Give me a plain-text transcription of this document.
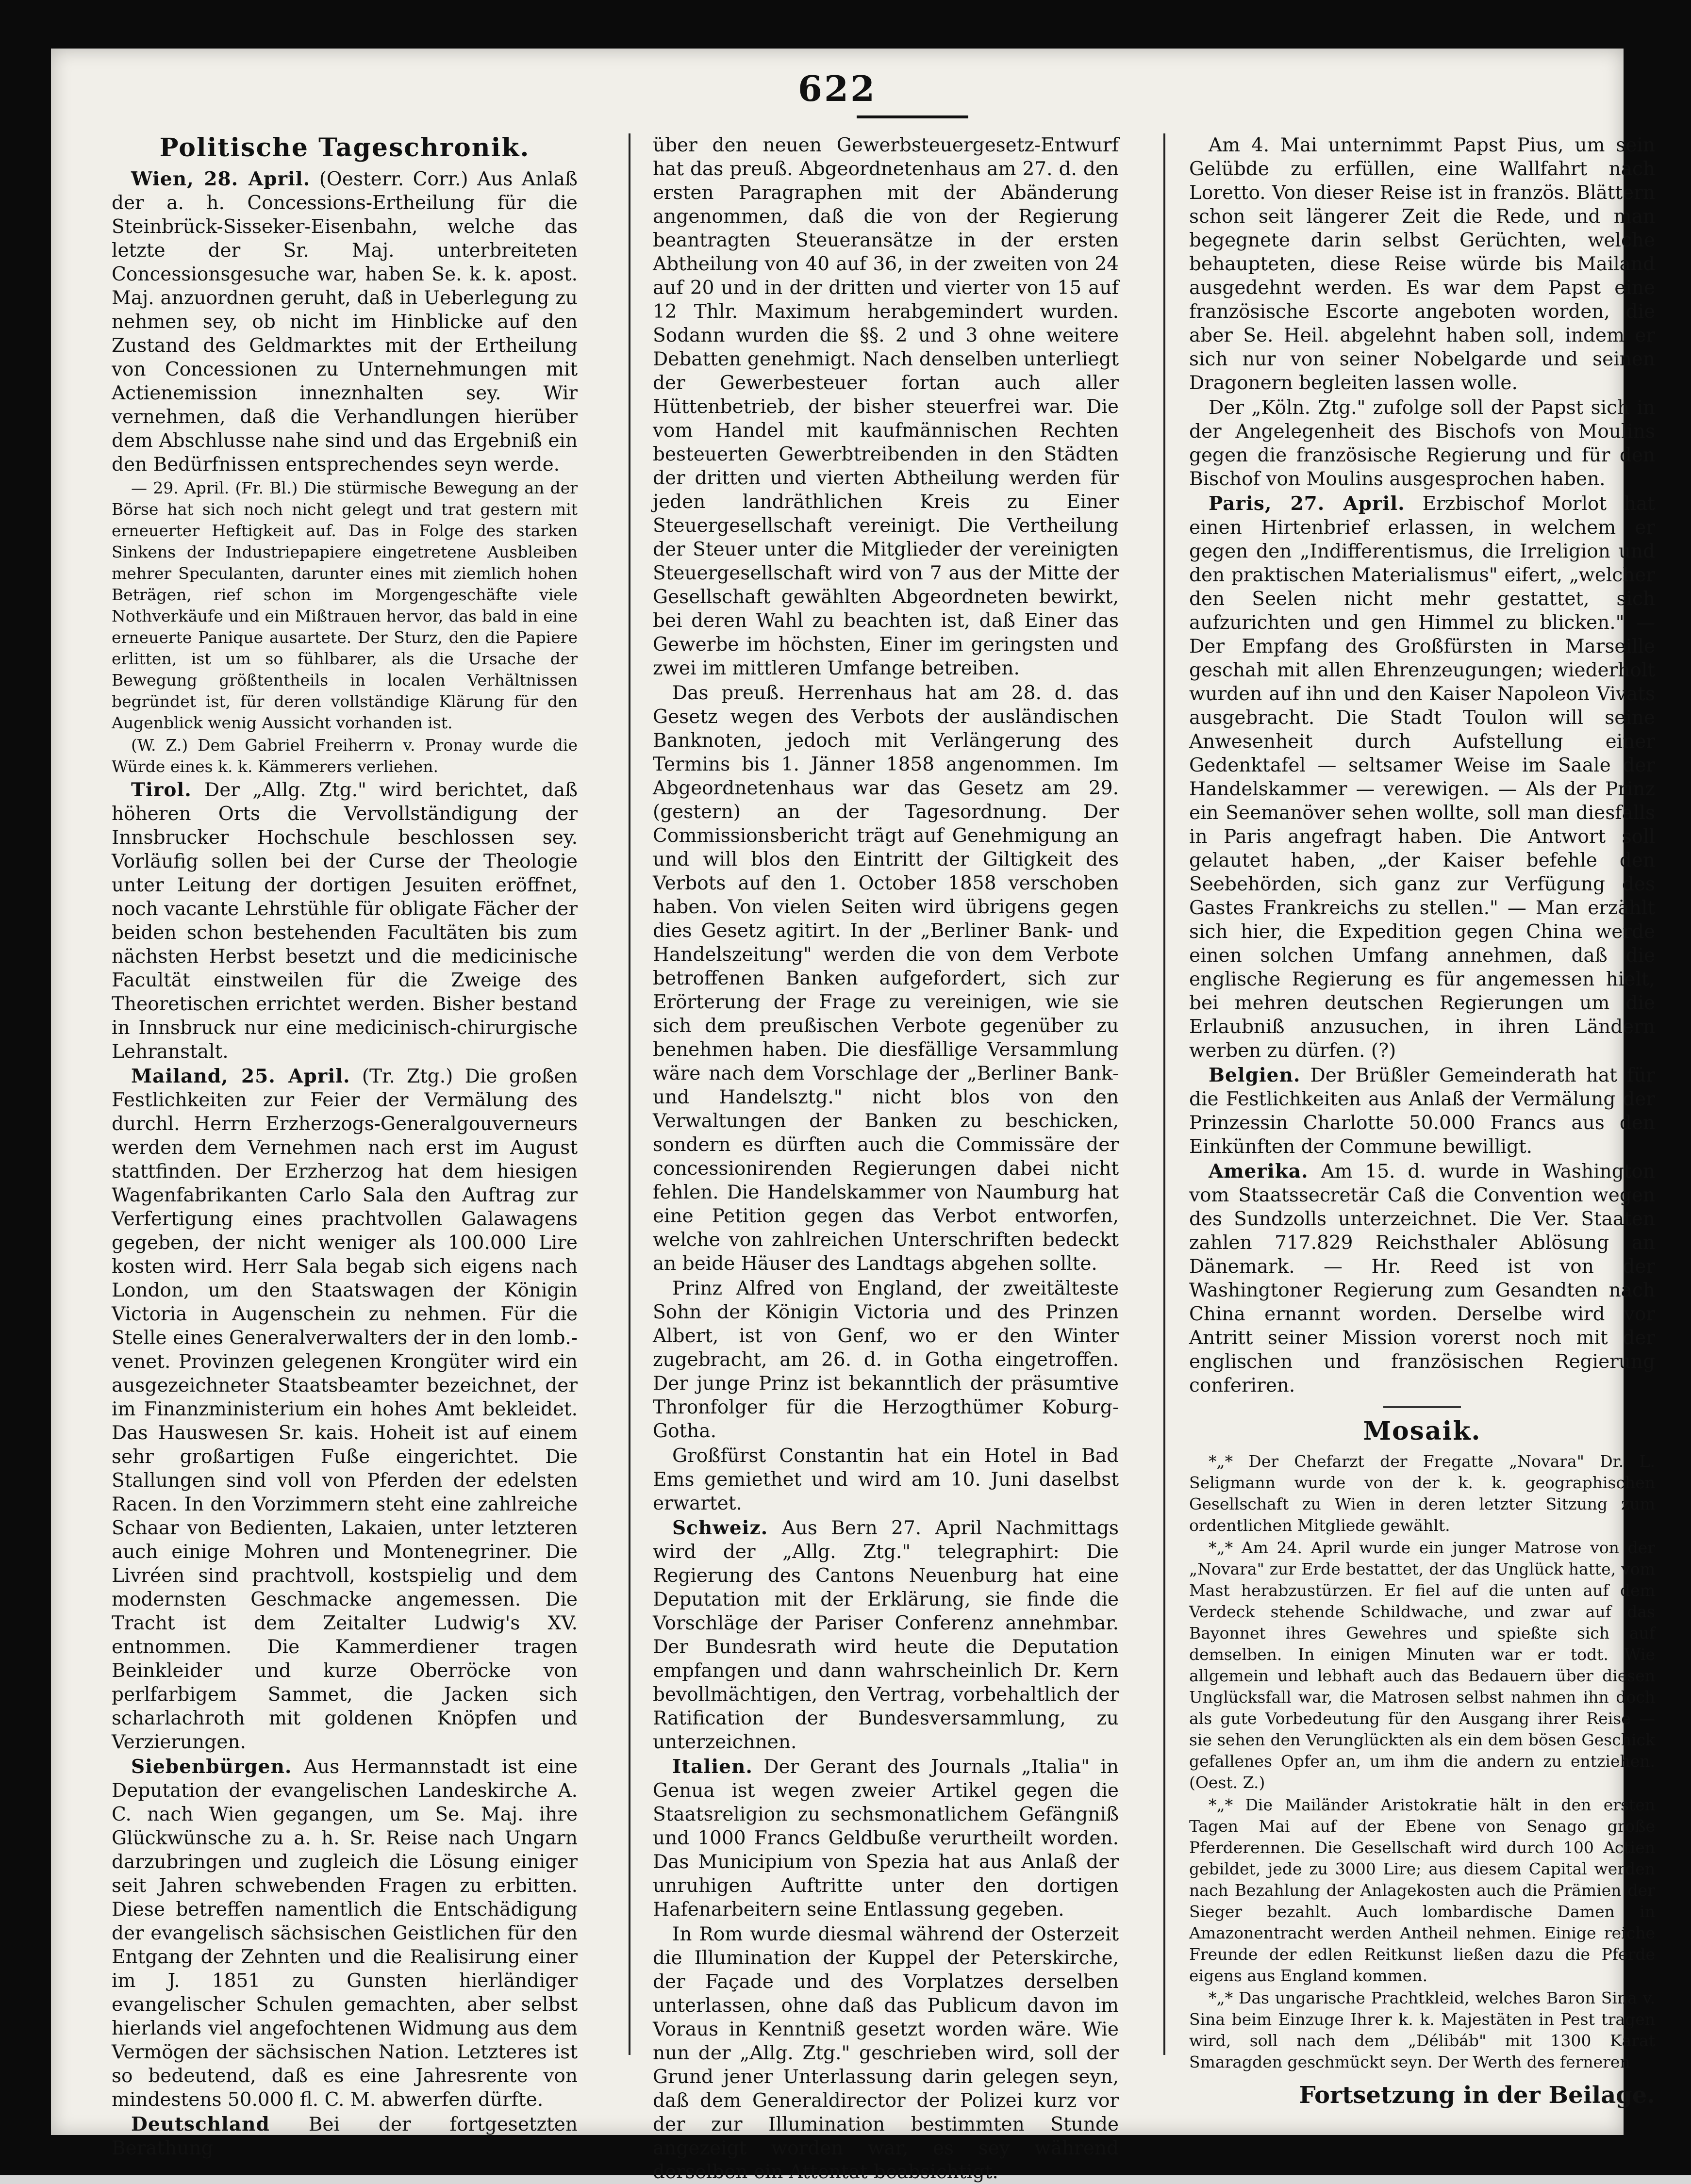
622
Politische Tageschronik.

Wien, 28. April. (Oesterr. Corr.) Aus Anlaß der a. h. Concessions-Ertheilung für die Steinbrück-Sisseker-Eisenbahn, welche das letzte der Sr. Maj. unterbreiteten Concessionsgesuche war, haben Se. k. k. apost. Maj. anzuordnen geruht, daß in Ueberlegung zu nehmen sey, ob nicht im Hinblicke auf den Zustand des Geldmarktes mit der Ertheilung von Concessionen zu Unternehmungen mit Actienemission inneznhalten sey. Wir vernehmen, daß die Verhandlungen hierüber dem Abschlusse nahe sind und das Ergebniß ein den Bedürfnissen entsprechendes seyn werde.

— 29. April. (Fr. Bl.) Die stürmische Bewegung an der Börse hat sich noch nicht gelegt und trat gestern mit erneuerter Heftigkeit auf. Das in Folge des starken Sinkens der Industriepapiere eingetretene Ausbleiben mehrer Speculanten, darunter eines mit ziemlich hohen Beträgen, rief schon im Morgengeschäfte viele Nothverkäufe und ein Mißtrauen hervor, das bald in eine erneuerte Panique ausartete. Der Sturz, den die Papiere erlitten, ist um so fühlbarer, als die Ursache der Bewegung größtentheils in localen Verhältnissen begründet ist, für deren vollständige Klärung für den Augenblick wenig Aussicht vorhanden ist.

(W. Z.) Dem Gabriel Freiherrn v. Pronay wurde die Würde eines k. k. Kämmerers verliehen.

Tirol. Der „Allg. Ztg." wird berichtet, daß höheren Orts die Vervollständigung der Innsbrucker Hochschule beschlossen sey. Vorläufig sollen bei der Curse der Theologie unter Leitung der dortigen Jesuiten eröffnet, noch vacante Lehrstühle für obligate Fächer der beiden schon bestehenden Facultäten bis zum nächsten Herbst besetzt und die medicinische Facultät einstweilen für die Zweige des Theoretischen errichtet werden. Bisher bestand in Innsbruck nur eine medicinisch-chirurgische Lehranstalt.

Mailand, 25. April. (Tr. Ztg.) Die großen Festlichkeiten zur Feier der Vermälung des durchl. Herrn Erzherzogs-Generalgouverneurs werden dem Vernehmen nach erst im August stattfinden. Der Erzherzog hat dem hiesigen Wagenfabrikanten Carlo Sala den Auftrag zur Verfertigung eines prachtvollen Galawagens gegeben, der nicht weniger als 100.000 Lire kosten wird. Herr Sala begab sich eigens nach London, um den Staatswagen der Königin Victoria in Augenschein zu nehmen. Für die Stelle eines Generalverwalters der in den lomb.-venet. Provinzen gelegenen Krongüter wird ein ausgezeichneter Staatsbeamter bezeichnet, der im Finanzministerium ein hohes Amt bekleidet. Das Hauswesen Sr. kais. Hoheit ist auf einem sehr großartigen Fuße eingerichtet. Die Stallungen sind voll von Pferden der edelsten Racen. In den Vorzimmern steht eine zahlreiche Schaar von Bedienten, Lakaien, unter letzteren auch einige Mohren und Montenegriner. Die Livréen sind prachtvoll, kostspielig und dem modernsten Geschmacke angemessen. Die Tracht ist dem Zeitalter Ludwig's XV. entnommen. Die Kammerdiener tragen Beinkleider und kurze Oberröcke von perlfarbigem Sammet, die Jacken sich scharlachroth mit goldenen Knöpfen und Verzierungen.

Siebenbürgen. Aus Hermannstadt ist eine Deputation der evangelischen Landeskirche A. C. nach Wien gegangen, um Se. Maj. ihre Glückwünsche zu a. h. Sr. Reise nach Ungarn darzubringen und zugleich die Lösung einiger seit Jahren schwebenden Fragen zu erbitten. Diese betreffen namentlich die Entschädigung der evangelisch sächsischen Geistlichen für den Entgang der Zehnten und die Realisirung einer im J. 1851 zu Gunsten hierländiger evangelischer Schulen gemachten, aber selbst hierlands viel angefochtenen Widmung aus dem Vermögen der sächsischen Nation. Letzteres ist so bedeutend, daß es eine Jahresrente von mindestens 50.000 fl. C. M. abwerfen dürfte.

Deutschland Bei der fortgesetzten Berathung

über den neuen Gewerbsteuergesetz-Entwurf hat das preuß. Abgeordnetenhaus am 27. d. den ersten Paragraphen mit der Abänderung angenommen, daß die von der Regierung beantragten Steueransätze in der ersten Abtheilung von 40 auf 36, in der zweiten von 24 auf 20 und in der dritten und vierter von 15 auf 12 Thlr. Maximum herabgemindert wurden. Sodann wurden die §§. 2 und 3 ohne weitere Debatten genehmigt. Nach denselben unterliegt der Gewerbesteuer fortan auch aller Hüttenbetrieb, der bisher steuerfrei war. Die vom Handel mit kaufmännischen Rechten besteuerten Gewerbtreibenden in den Städten der dritten und vierten Abtheilung werden für jeden landräthlichen Kreis zu Einer Steuergesellschaft vereinigt. Die Vertheilung der Steuer unter die Mitglieder der vereinigten Steuergesellschaft wird von 7 aus der Mitte der Gesellschaft gewählten Abgeordneten bewirkt, bei deren Wahl zu beachten ist, daß Einer das Gewerbe im höchsten, Einer im geringsten und zwei im mittleren Umfange betreiben.

Das preuß. Herrenhaus hat am 28. d. das Gesetz wegen des Verbots der ausländischen Banknoten, jedoch mit Verlängerung des Termins bis 1. Jänner 1858 angenommen. Im Abgeordnetenhaus war das Gesetz am 29. (gestern) an der Tagesordnung. Der Commissionsbericht trägt auf Genehmigung an und will blos den Eintritt der Giltigkeit des Verbots auf den 1. October 1858 verschoben haben. Von vielen Seiten wird übrigens gegen dies Gesetz agitirt. In der „Berliner Bank- und Handelszeitung" werden die von dem Verbote betroffenen Banken aufgefordert, sich zur Erörterung der Frage zu vereinigen, wie sie sich dem preußischen Verbote gegenüber zu benehmen haben. Die diesfällige Versammlung wäre nach dem Vorschlage der „Berliner Bank- und Handelsztg." nicht blos von den Verwaltungen der Banken zu beschicken, sondern es dürften auch die Commissäre der concessionirenden Regierungen dabei nicht fehlen. Die Handelskammer von Naumburg hat eine Petition gegen das Verbot entworfen, welche von zahlreichen Unterschriften bedeckt an beide Häuser des Landtags abgehen sollte.

Prinz Alfred von England, der zweitälteste Sohn der Königin Victoria und des Prinzen Albert, ist von Genf, wo er den Winter zugebracht, am 26. d. in Gotha eingetroffen. Der junge Prinz ist bekanntlich der präsumtive Thronfolger für die Herzogthümer Koburg-Gotha.

Großfürst Constantin hat ein Hotel in Bad Ems gemiethet und wird am 10. Juni daselbst erwartet.

Schweiz. Aus Bern 27. April Nachmittags wird der „Allg. Ztg." telegraphirt: Die Regierung des Cantons Neuenburg hat eine Deputation mit der Erklärung, sie finde die Vorschläge der Pariser Conferenz annehmbar. Der Bundesrath wird heute die Deputation empfangen und dann wahrscheinlich Dr. Kern bevollmächtigen, den Vertrag, vorbehaltlich der Ratification der Bundesversammlung, zu unterzeichnen.

Italien. Der Gerant des Journals „Italia" in Genua ist wegen zweier Artikel gegen die Staatsreligion zu sechsmonatlichem Gefängniß und 1000 Francs Geldbuße verurtheilt worden. Das Municipium von Spezia hat aus Anlaß der unruhigen Auftritte unter den dortigen Hafenarbeitern seine Entlassung gegeben.

In Rom wurde diesmal während der Osterzeit die Illumination der Kuppel der Peterskirche, der Façade und des Vorplatzes derselben unterlassen, ohne daß das Publicum davon im Voraus in Kenntniß gesetzt worden wäre. Wie nun der „Allg. Ztg." geschrieben wird, soll der Grund jener Unterlassung darin gelegen seyn, daß dem Generaldirector der Polizei kurz vor der zur Illumination bestimmten Stunde angezeigt worden war, es sey während derselben ein Attentat beabsichtigt.

Am 4. Mai unternimmt Papst Pius, um sein Gelübde zu erfüllen, eine Wallfahrt nach Loretto. Von dieser Reise ist in französ. Blättern schon seit längerer Zeit die Rede, und man begegnete darin selbst Gerüchten, welche behaupteten, diese Reise würde bis Mailand ausgedehnt werden. Es war dem Papst eine französische Escorte angeboten worden, die aber Se. Heil. abgelehnt haben soll, indem er sich nur von seiner Nobelgarde und seinen Dragonern begleiten lassen wolle.

Der „Köln. Ztg." zufolge soll der Papst sich in der Angelegenheit des Bischofs von Moulins gegen die französische Regierung und für den Bischof von Moulins ausgesprochen haben.

Paris, 27. April. Erzbischof Morlot hat einen Hirtenbrief erlassen, in welchem er gegen den „Indifferentismus, die Irreligion und den praktischen Materialismus" eifert, „welcher den Seelen nicht mehr gestattet, sich aufzurichten und gen Himmel zu blicken." — Der Empfang des Großfürsten in Marseille geschah mit allen Ehrenzeugungen; wiederholt wurden auf ihn und den Kaiser Napoleon Vivats ausgebracht. Die Stadt Toulon will seine Anwesenheit durch Aufstellung einer Gedenktafel — seltsamer Weise im Saale der Handelskammer — verewigen. — Als der Prinz ein Seemanöver sehen wollte, soll man diesfalls in Paris angefragt haben. Die Antwort soll gelautet haben, „der Kaiser befehle den Seebehörden, sich ganz zur Verfügung des Gastes Frankreichs zu stellen." — Man erzählt sich hier, die Expedition gegen China werde einen solchen Umfang annehmen, daß die englische Regierung es für angemessen hielt, bei mehren deutschen Regierungen um die Erlaubniß anzusuchen, in ihren Ländern werben zu dürfen. (?)

Belgien. Der Brüßler Gemeinderath hat für die Festlichkeiten aus Anlaß der Vermälung der Prinzessin Charlotte 50.000 Francs aus den Einkünften der Commune bewilligt.

Amerika. Am 15. d. wurde in Washington vom Staatssecretär Caß die Convention wegen des Sundzolls unterzeichnet. Die Ver. Staaten zahlen 717.829 Reichsthaler Ablösung an Dänemark. — Hr. Reed ist von der Washingtoner Regierung zum Gesandten nach China ernannt worden. Derselbe wird vor Antritt seiner Mission vorerst noch mit der englischen und französischen Regierung conferiren.

Mosaik.

*„* Der Chefarzt der Fregatte „Novara" Dr. L. Seligmann wurde von der k. k. geographischen Gesellschaft zu Wien in deren letzter Sitzung zum ordentlichen Mitgliede gewählt.

*„* Am 24. April wurde ein junger Matrose von der „Novara" zur Erde bestattet, der das Unglück hatte, vom Mast herabzustürzen. Er fiel auf die unten auf dem Verdeck stehende Schildwache, und zwar auf das Bayonnet ihres Gewehres und spießte sich auf demselben. In einigen Minuten war er todt. Wie allgemein und lebhaft auch das Bedauern über diesen Unglücksfall war, die Matrosen selbst nahmen ihn doch als gute Vorbedeutung für den Ausgang ihrer Reise — sie sehen den Verunglückten als ein dem bösen Geschick gefallenes Opfer an, um ihm die andern zu entziehen. (Oest. Z.)

*„* Die Mailänder Aristokratie hält in den ersten Tagen Mai auf der Ebene von Senago große Pferderennen. Die Gesellschaft wird durch 100 Actien gebildet, jede zu 3000 Lire; aus diesem Capital werden nach Bezahlung der Anlagekosten auch die Prämien der Sieger bezahlt. Auch lombardische Damen in Amazonentracht werden Antheil nehmen. Einige reiche Freunde der edlen Reitkunst ließen dazu die Pferde eigens aus England kommen.

*„* Das ungarische Prachtkleid, welches Baron Sina v. Sina beim Einzuge Ihrer k. k. Majestäten in Pest tragen wird, soll nach dem „Délibáb" mit 1300 Karat Smaragden geschmückt seyn. Der Werth des ferneren

Fortsetzung in der Beilage.
